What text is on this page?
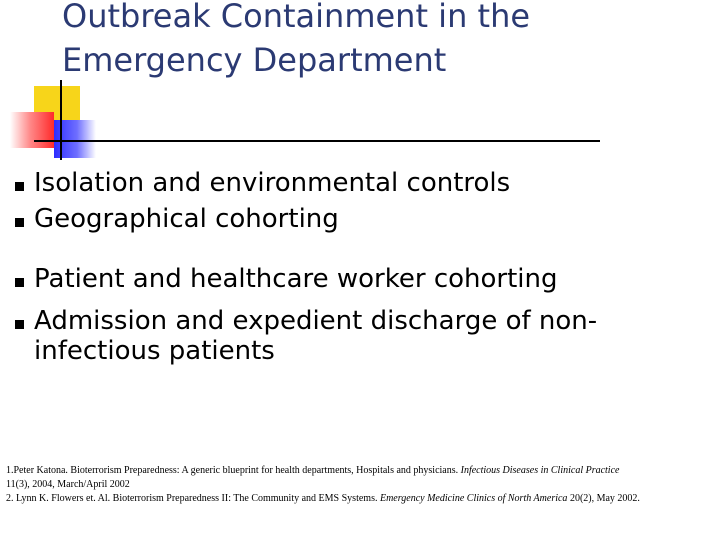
Outbreak Containment in the
Emergency Department
Isolation and environmental controls
Geographical cohorting
Patient and healthcare worker cohorting
Admission and expedient discharge of non-
infectious patients
1.Peter Katona. Bioterrorism Preparedness: A generic blueprint for health departments, Hospitals and physicians. Infectious Diseases in Clinical Practice
11(3), 2004, March/April 2002
2. Lynn K. Flowers et. Al. Bioterrorism Preparedness II: The Community and EMS Systems. Emergency Medicine Clinics of North America 20(2), May 2002.
